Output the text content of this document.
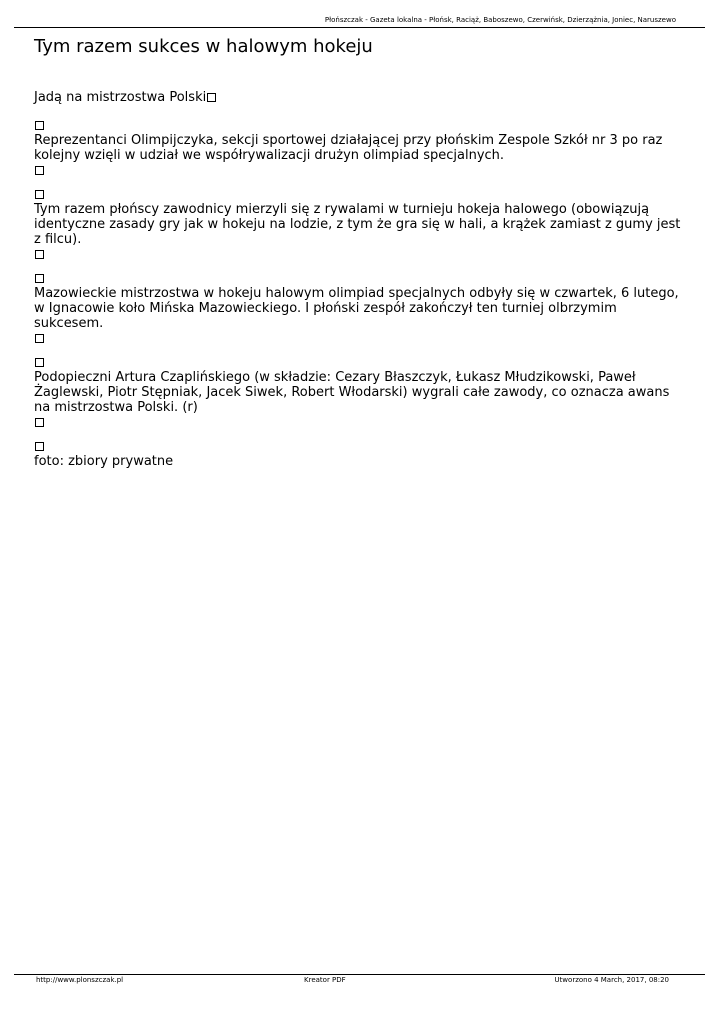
Płońszczak - Gazeta lokalna - Płońsk, Raciąż, Baboszewo, Czerwińsk, Dzierzążnia, Joniec, Naruszewo
Tym razem sukces w halowym hokeju
Jadą na mistrzostwa Polski

Reprezentanci Olimpijczyka, sekcji sportowej działającej przy płońskim Zespole Szkół nr 3 po raz kolejny wzięli w udział we współrywalizacji drużyn olimpiad specjalnych.

Tym razem płońscy zawodnicy mierzyli się z rywalami w turnieju hokeja halowego (obowiązują identyczne zasady gry jak w hokeju na lodzie, z tym że gra się w hali, a krążek zamiast z gumy jest z filcu).

Mazowieckie mistrzostwa w hokeju halowym olimpiad specjalnych odbyły się w czwartek, 6 lutego, w Ignacowie koło Mińska Mazowieckiego. I płoński zespół zakończył ten turniej olbrzymim sukcesem.

Podopieczni Artura Czaplińskiego (w składzie: Cezary Błaszczyk, Łukasz Młudzikowski, Paweł Żaglewski, Piotr Stępniak, Jacek Siwek, Robert Włodarski) wygrali całe zawody, co oznacza awans na mistrzostwa Polski. (r)

foto: zbiory prywatne

http://www.plonszczak.pl	Kreator PDF	Utworzono 4 March, 2017, 08:20
